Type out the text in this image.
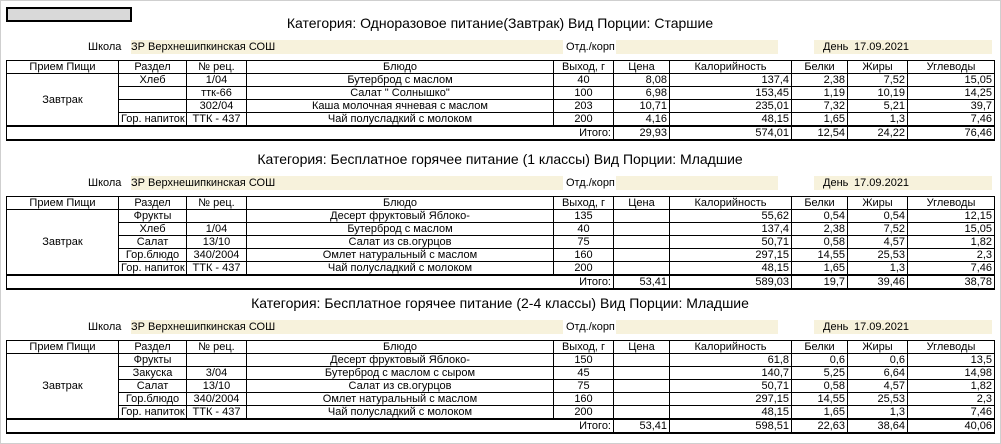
Категория: Одноразовое питание(Завтрак) Вид Порции: Старшие
Школа ЗР Верхнешипкинская СОШ	Отд./корп	День 17.09.2021
Прием Пищи	Раздел	№ рец.	Блюдо	Выход, г	Цена	Калорийность	Белки	Жиры	Углеводы
Завтрак	Хлеб	1/04	Бутерброд с маслом	40	8,08	137,4	2,38	7,52	15,05
		ттк-66	Салат " Солнышко"	100	6,98	153,45	1,19	10,19	14,25
		302/04	Каша молочная ячневая с маслом	203	10,71	235,01	7,32	5,21	39,7
	Гор. напиток	ТТК - 437	Чай полусладкий с молоком	200	4,16	48,15	1,65	1,3	7,46
Итого:					29,93	574,01	12,54	24,22	76,46
Категория: Бесплатное горячее питание (1 классы) Вид Порции: Младшие
Школа ЗР Верхнешипкинская СОШ	Отд./корп	День 17.09.2021
Прием Пищи	Раздел	№ рец.	Блюдо	Выход, г	Цена	Калорийность	Белки	Жиры	Углеводы
Завтрак	Фрукты		Десерт фруктовый Яблоко-	135		55,62	0,54	0,54	12,15
	Хлеб	1/04	Бутерброд с маслом	40		137,4	2,38	7,52	15,05
	Салат	13/10	Салат из св.огурцов	75		50,71	0,58	4,57	1,82
	Гор.блюдо	340/2004	Омлет натуральный с маслом	160		297,15	14,55	25,53	2,3
	Гор. напиток	ТТК - 437	Чай полусладкий с молоком	200		48,15	1,65	1,3	7,46
Итого:					53,41	589,03	19,7	39,46	38,78
Категория: Бесплатное горячее питание (2-4 классы) Вид Порции: Младшие
Школа ЗР Верхнешипкинская СОШ	Отд./корп	День 17.09.2021
Прием Пищи	Раздел	№ рец.	Блюдо	Выход, г	Цена	Калорийность	Белки	Жиры	Углеводы
Завтрак	Фрукты		Десерт фруктовый Яблоко-	150		61,8	0,6	0,6	13,5
	Закуска	3/04	Бутерброд с маслом с сыром	45		140,7	5,25	6,64	14,98
	Салат	13/10	Салат из св.огурцов	75		50,71	0,58	4,57	1,82
	Гор.блюдо	340/2004	Омлет натуральный с маслом	160		297,15	14,55	25,53	2,3
	Гор. напиток	ТТК - 437	Чай полусладкий с молоком	200		48,15	1,65	1,3	7,46
Итого:					53,41	598,51	22,63	38,64	40,06
